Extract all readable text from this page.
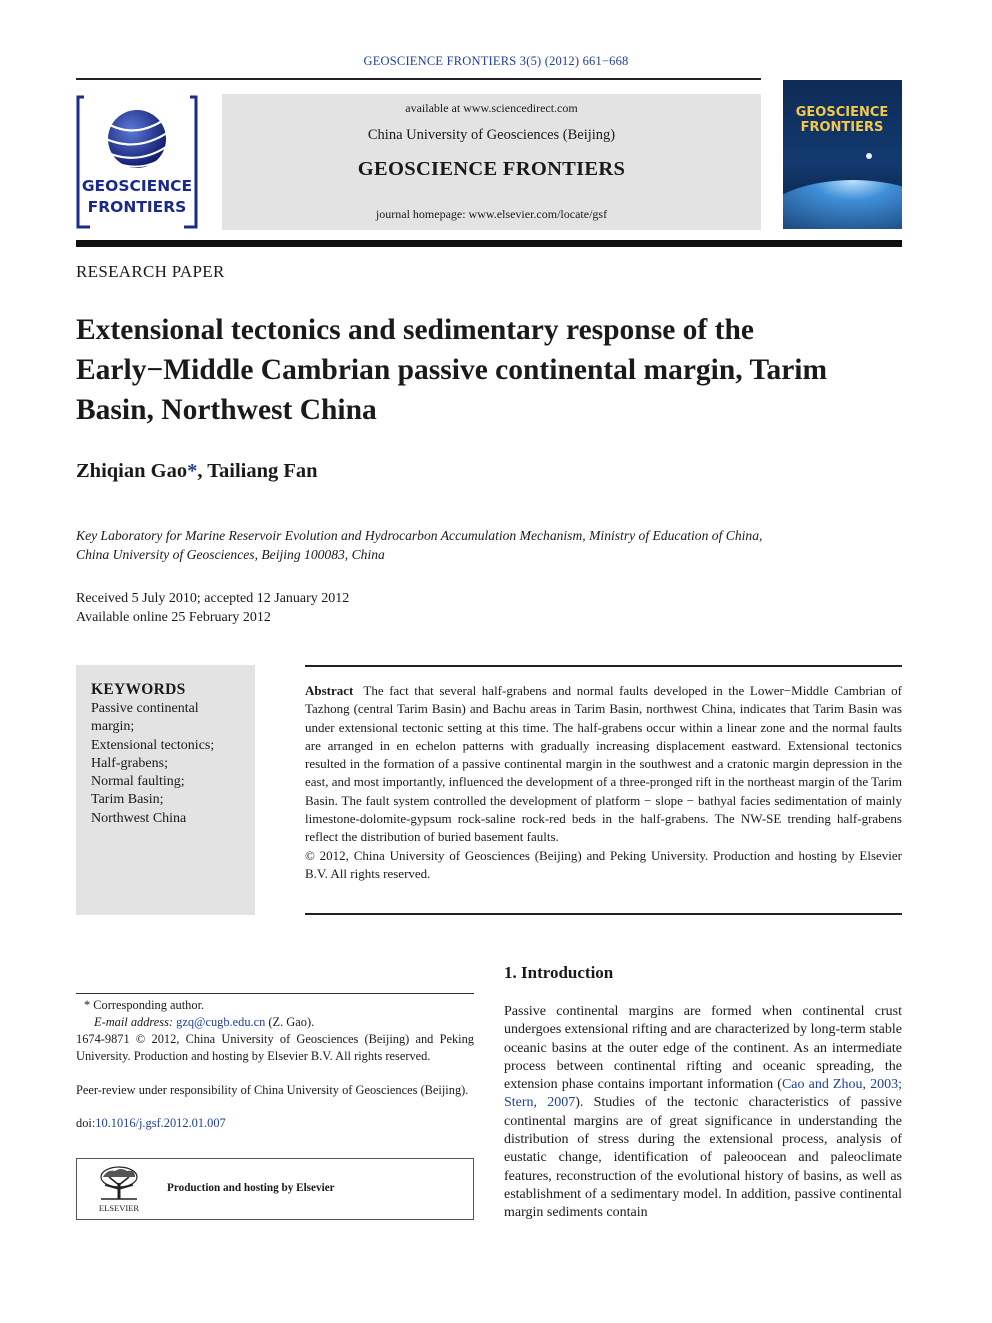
GEOSCIENCE FRONTIERS 3(5) (2012) 661−668
GEOSCIENCE
FRONTIERS
available at www.sciencedirect.com
China University of Geosciences (Beijing)
GEOSCIENCE FRONTIERS
journal homepage: www.elsevier.com/locate/gsf
GEOSCIENCE
FRONTIERS
RESEARCH PAPER
Extensional tectonics and sedimentary response of the Early−Middle Cambrian passive continental margin, Tarim Basin, Northwest China
Zhiqian Gao*, Tailiang Fan
Key Laboratory for Marine Reservoir Evolution and Hydrocarbon Accumulation Mechanism, Ministry of Education of China,
China University of Geosciences, Beijing 100083, China
Received 5 July 2010; accepted 12 January 2012
Available online 25 February 2012
KEYWORDS
Passive continental
margin;
Extensional tectonics;
Half-grabens;
Normal faulting;
Tarim Basin;
Northwest China
Abstract The fact that several half-grabens and normal faults developed in the Lower−Middle Cambrian of Tazhong (central Tarim Basin) and Bachu areas in Tarim Basin, northwest China, indicates that Tarim Basin was under extensional tectonic setting at this time. The half-grabens occur within a linear zone and the normal faults are arranged in en echelon patterns with gradually increasing displacement eastward. Extensional tectonics resulted in the formation of a passive continental margin in the southwest and a cratonic margin depression in the east, and most importantly, influenced the development of a three-pronged rift in the northeast margin of the Tarim Basin. The fault system controlled the development of platform − slope − bathyal facies sedimentation of mainly limestone-dolomite-gypsum rock-saline rock-red beds in the half-grabens. The NW-SE trending half-grabens reflect the distribution of buried basement faults.
© 2012, China University of Geosciences (Beijing) and Peking University. Production and hosting by Elsevier B.V. All rights reserved.
* Corresponding author.
E-mail address: gzq@cugb.edu.cn (Z. Gao).
1674-9871 © 2012, China University of Geosciences (Beijing) and Peking University. Production and hosting by Elsevier B.V. All rights reserved.
Peer-review under responsibility of China University of Geosciences (Beijing).
doi:10.1016/j.gsf.2012.01.007
ELSEVIER
Production and hosting by Elsevier
1. Introduction
Passive continental margins are formed when continental crust undergoes extensional rifting and are characterized by long-term stable oceanic basins at the outer edge of the continent. As an intermediate process between continental rifting and oceanic spreading, the extension phase contains important information (Cao and Zhou, 2003; Stern, 2007). Studies of the tectonic characteristics of passive continental margins are of great significance in understanding the distribution of stress during the extensional process, analysis of eustatic change, identification of paleoocean and paleoclimate features, reconstruction of the evolutional history of basins, as well as establishment of a sedimentary model. In addition, passive continental margin sediments contain
